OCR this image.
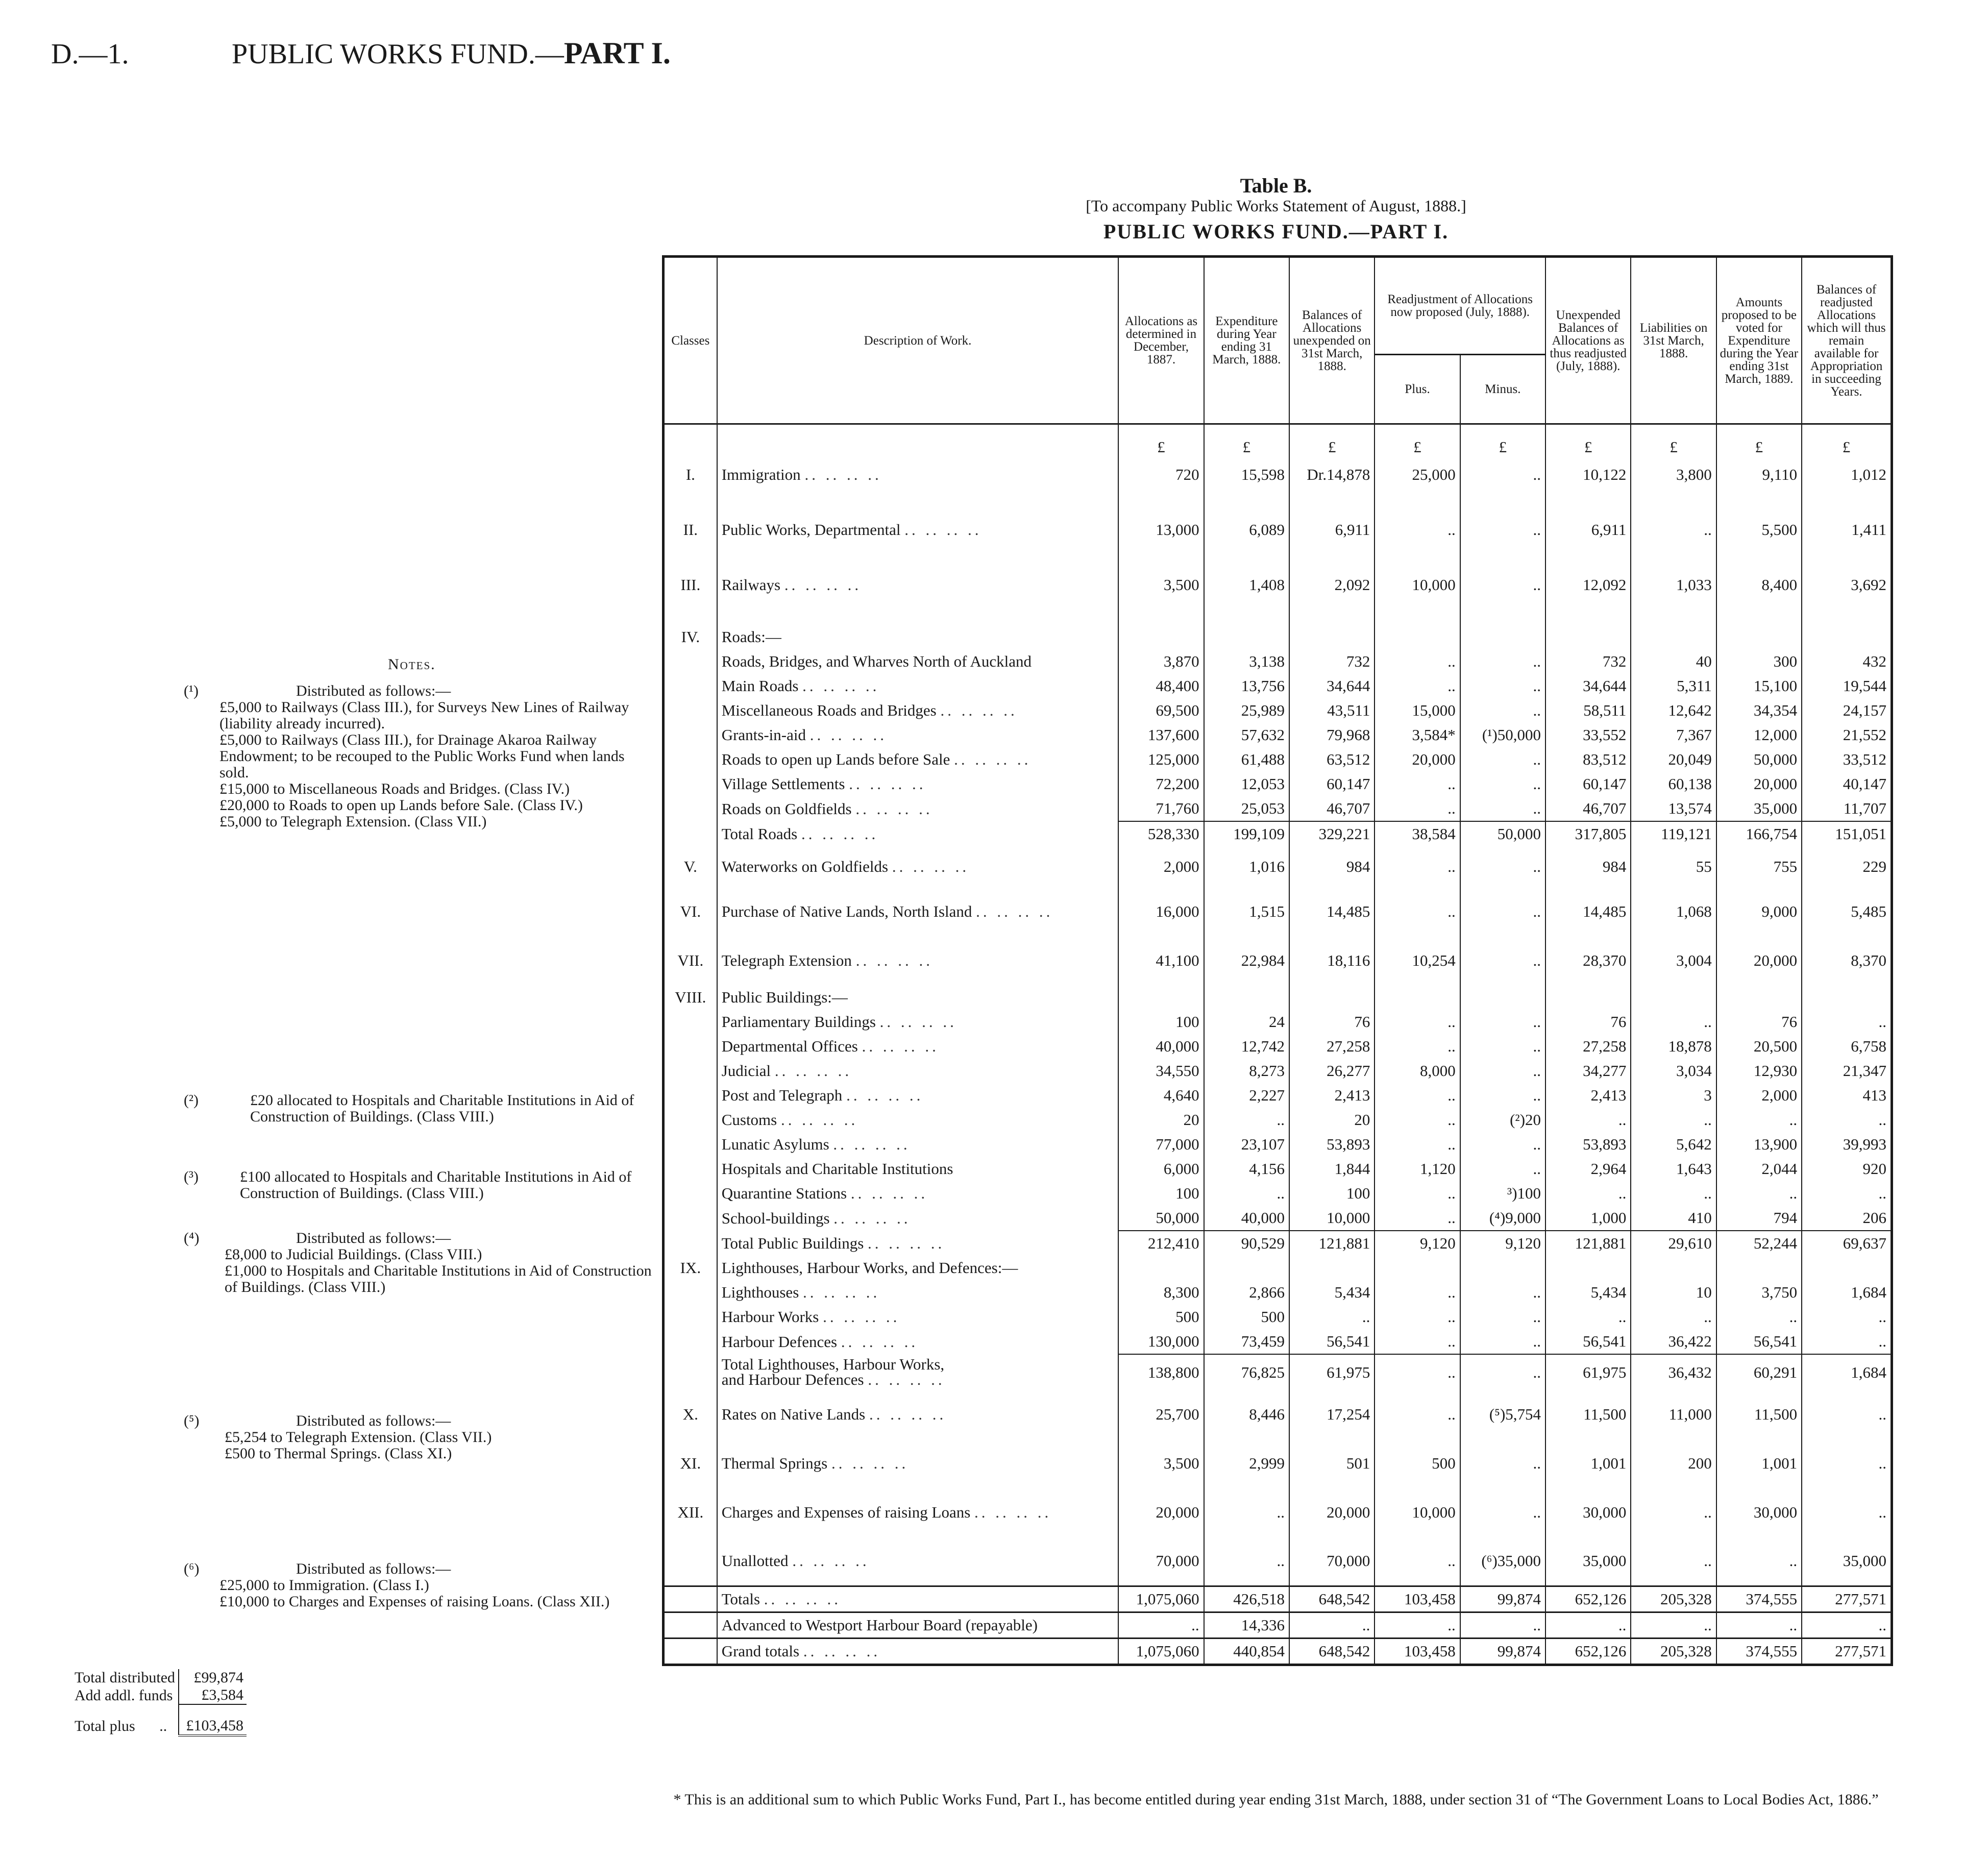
D.—1.	PUBLIC WORKS FUND.—PART I.
Table B.
[To accompany Public Works Statement of August, 1888.]
PUBLIC WORKS FUND.—PART I.
Classes	Description of Work.	Allocations as determined in December, 1887.	Expenditure during Year ending 31 March, 1888.	Balances of Allocations unexpended on 31st March, 1888.	Readjustment of Allocations now proposed (July, 1888).		Unexpended Balances of Allocations as thus readjusted (July, 1888).	Liabilities on 31st March, 1888.	Amounts proposed to be voted for Expenditure during the Year ending 31st March, 1889.	Balances of readjusted Allocations which will thus remain available for Appropriation in succeeding Years.
					Plus.	Minus.				
		£	£	£	£	£	£	£	£	£
I.	Immigration .. .. .. ..	720	15,598	Dr.14,878	25,000	..	10,122	3,800	9,110	1,012

II.	Public Works, Departmental .. .. .. ..	13,000	6,089	6,911	..	..	6,911	..	5,500	1,411

III.	Railways .. .. .. ..	3,500	1,408	2,092	10,000	..	12,092	1,033	8,400	3,692

IV.	Roads:—									
	Roads, Bridges, and Wharves North of Auckland	3,870	3,138	732	..	..	732	40	300	432
	Main Roads .. .. .. ..	48,400	13,756	34,644	..	..	34,644	5,311	15,100	19,544
	Miscellaneous Roads and Bridges .. .. .. ..	69,500	25,989	43,511	15,000	..	58,511	12,642	34,354	24,157
	Grants-in-aid .. .. .. ..	137,600	57,632	79,968	3,584*	(¹)50,000	33,552	7,367	12,000	21,552
	Roads to open up Lands before Sale .. .. .. ..	125,000	61,488	63,512	20,000	..	83,512	20,049	50,000	33,512
	Village Settlements .. .. .. ..	72,200	12,053	60,147	..	..	60,147	60,138	20,000	40,147
	Roads on Goldfields .. .. .. ..	71,760	25,053	46,707	..	..	46,707	13,574	35,000	11,707
	Total Roads .. .. .. ..	528,330	199,109	329,221	38,584	50,000	317,805	119,121	166,754	151,051
V.	Waterworks on Goldfields .. .. .. ..	2,000	1,016	984	..	..	984	55	755	229
VI.	Purchase of Native Lands, North Island .. .. .. ..	16,000	1,515	14,485	..	..	14,485	1,068	9,000	5,485
VII.	Telegraph Extension .. .. .. ..	41,100	22,984	18,116	10,254	..	28,370	3,004	20,000	8,370
VIII.	Public Buildings:—									
	Parliamentary Buildings .. .. .. ..	100	24	76	..	..	76	..	76	..
	Departmental Offices .. .. .. ..	40,000	12,742	27,258	..	..	27,258	18,878	20,500	6,758
	Judicial .. .. .. ..	34,550	8,273	26,277	8,000	..	34,277	3,034	12,930	21,347
	Post and Telegraph .. .. .. ..	4,640	2,227	2,413	..	..	2,413	3	2,000	413
	Customs .. .. .. ..	20	..	20	..	(²)20	..	..	..	..
	Lunatic Asylums .. .. .. ..	77,000	23,107	53,893	..	..	53,893	5,642	13,900	39,993
	Hospitals and Charitable Institutions	6,000	4,156	1,844	1,120	..	2,964	1,643	2,044	920
	Quarantine Stations .. .. .. ..	100	..	100	..	³)100	..	..	..	..
	School-buildings .. .. .. ..	50,000	40,000	10,000	..	(⁴)9,000	1,000	410	794	206
	Total Public Buildings .. .. .. ..	212,410	90,529	121,881	9,120	9,120	121,881	29,610	52,244	69,637
IX.	Lighthouses, Harbour Works, and Defences:—									
	Lighthouses .. .. .. ..	8,300	2,866	5,434	..	..	5,434	10	3,750	1,684
	Harbour Works .. .. .. ..	500	500	..	..	..	..	..	..	..
	Harbour Defences .. .. .. ..	130,000	73,459	56,541	..	..	56,541	36,422	56,541	..
	Total Lighthouses, Harbour Works,
and Harbour Defences .. .. .. ..	138,800	76,825	61,975	..	..	61,975	36,432	60,291	1,684
X.	Rates on Native Lands .. .. .. ..	25,700	8,446	17,254	..	(⁵)5,754	11,500	11,000	11,500	..
XI.	Thermal Springs .. .. .. ..	3,500	2,999	501	500	..	1,001	200	1,001	..
XII.	Charges and Expenses of raising Loans .. .. .. ..	20,000	..	20,000	10,000	..	30,000	..	30,000	..
	Unallotted .. .. .. ..	70,000	..	70,000	..	(⁶)35,000	35,000	..	..	35,000
	Totals .. .. .. ..	1,075,060	426,518	648,542	103,458	99,874	652,126	205,328	374,555	277,571
	Advanced to Westport Harbour Board (repayable)	..	14,336	..	..	..	..	..	..	..
	Grand totals .. .. .. ..	1,075,060	440,854	648,542	103,458	99,874	652,126	205,328	374,555	277,571
* This is an additional sum to which Public Works Fund, Part I., has become entitled during year ending 31st March, 1888, under section 31 of “The Government Loans to Local Bodies Act, 1886.”
Notes.
(¹)	Distributed as follows:—
£5,000 to Railways (Class III.), for Surveys New Lines of Railway (liability already incurred).
£5,000 to Railways (Class III.), for Drainage Akaroa Railway Endowment; to be recouped to the Public Works Fund when lands sold.
£15,000 to Miscellaneous Roads and Bridges. (Class IV.)
£20,000 to Roads to open up Lands before Sale. (Class IV.)
£5,000 to Telegraph Extension. (Class VII.)
(²)	£20 allocated to Hospitals and Charitable Institutions in Aid of Construction of Buildings. (Class VIII.)
(³)	£100 allocated to Hospitals and Charitable Institutions in Aid of Construction of Buildings. (Class VIII.)
(⁴)	Distributed as follows:—
£8,000 to Judicial Buildings. (Class VIII.)
£1,000 to Hospitals and Charitable Institutions in Aid of Construction of Buildings. (Class VIII.)
(⁵)	Distributed as follows:—
£5,254 to Telegraph Extension. (Class VII.)
£500 to Thermal Springs. (Class XI.)
(⁶)	Distributed as follows:—
£25,000 to Immigration. (Class I.)
£10,000 to Charges and Expenses of raising Loans. (Class XII.)
Total distributed	£99,874
Add addl. funds	£3,584
Total plus ..	£103,458
